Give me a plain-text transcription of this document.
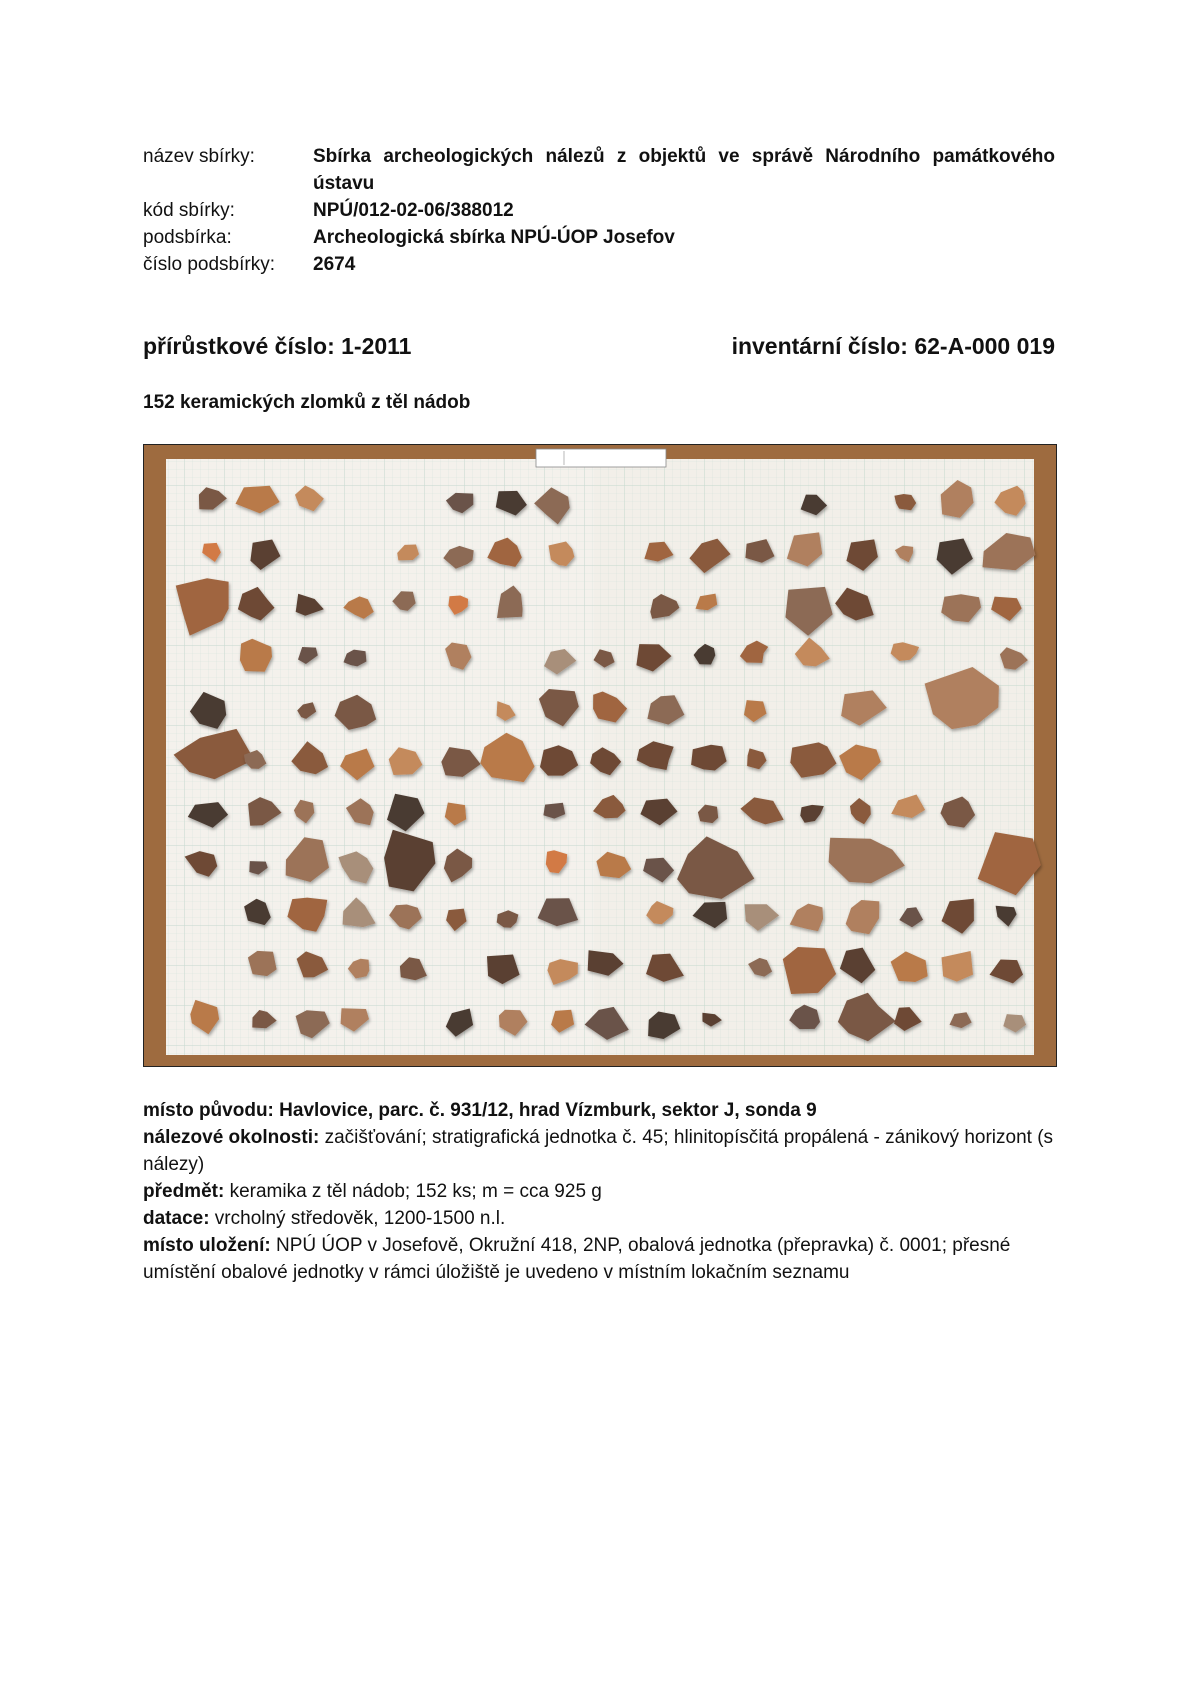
název sbírky:	Sbírka archeologických nálezů z objektů ve správě Národního památkového ústavu
kód sbírky:	NPÚ/012-02-06/388012
podsbírka:	Archeologická sbírka NPÚ-ÚOP Josefov
číslo podsbírky:	2674
přírůstkové číslo: 1-2011	inventární číslo: 62-A-000 019
152 keramických zlomků z těl nádob

místo původu: Havlovice, parc. č. 931/12, hrad Vízmburk, sektor J, sonda 9

nálezové okolnosti: začišťování; stratigrafická jednotka č. 45; hlinitopísčitá propálená - zánikový horizont (s nálezy)

předmět: keramika z těl nádob; 152 ks; m = cca 925 g

datace: vrcholný středověk, 1200-1500 n.l.

místo uložení: NPÚ ÚOP v Josefově, Okružní 418, 2NP, obalová jednotka (přepravka) č. 0001; přesné umístění obalové jednotky v rámci úložiště je uvedeno v místním lokačním seznamu
